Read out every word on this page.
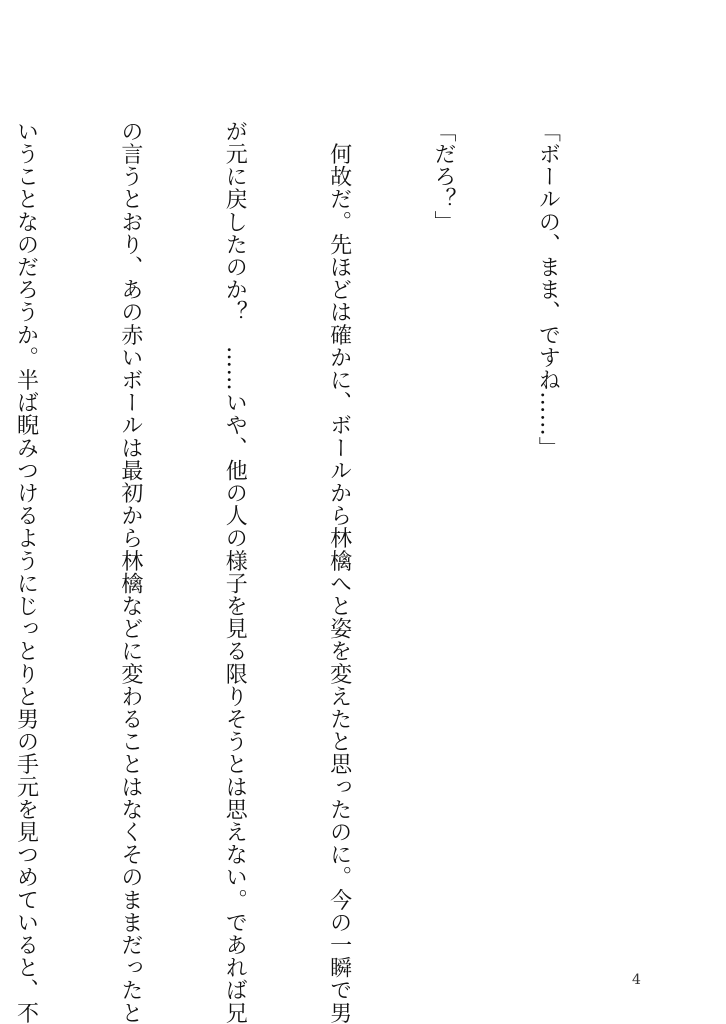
「ボールの、まま、ですね……」

「だろ？」

　何故だ。先ほどは確かに、ボールから林檎へと姿を変えたと思ったのに。今の一瞬で男

が元に戻したのか？　……いや、他の人の様子を見る限りそうとは思えない。であれば兄

の言うとおり、あの赤いボールは最初から林檎などに変わることはなくそのままだったと

いうことなのだろうか。半ば睨みつけるようにじっとりと男の手元を見つめていると、不

	4
